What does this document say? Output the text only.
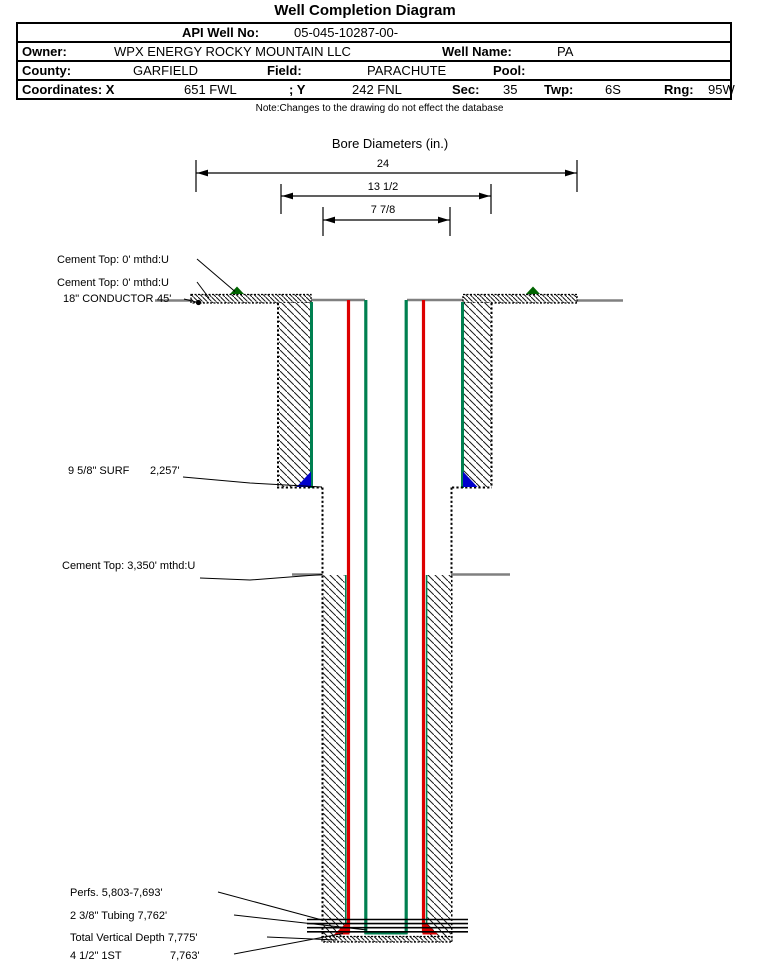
Well Completion Diagram
API Well No:	05-045-10287-00-
Owner:	WPX ENERGY ROCKY MOUNTAIN LLC	Well Name:	PA
County:	GARFIELD	Field:	PARACHUTE	Pool:
Coordinates: X	651 FWL	; Y	242 FNL	Sec: 35 Twp: 6S	Rng: 95W
Note:Changes to the drawing do not effect the database
Bore Diameters (in.)
24
13 1/2
7 7/8
Cement Top: 0' mthd:U
Cement Top: 0' mthd:U
18" CONDUCTOR 45'
9 5/8" SURF 2,257'
Cement Top: 3,350' mthd:U
Perfs. 5,803-7,693'
2 3/8" Tubing 7,762'
Total Vertical Depth 7,775'
4 1/2" 1ST	7,763'
